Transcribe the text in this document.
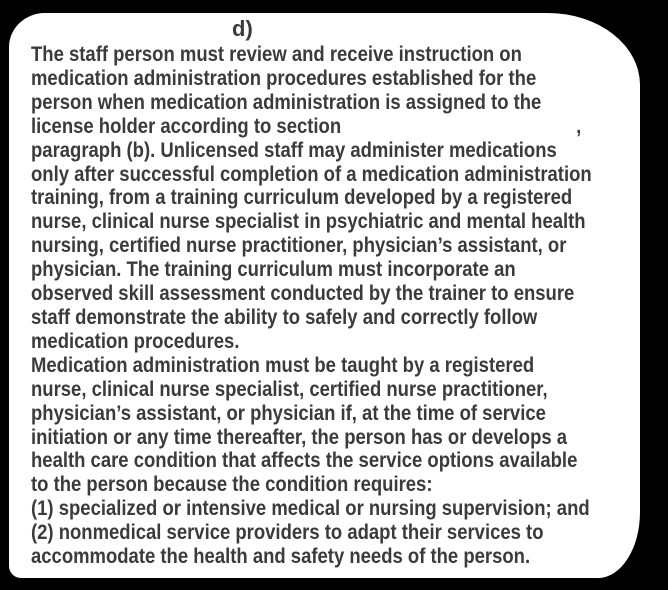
d)
The staff person must review and receive instruction on
medication administration procedures established for the
person when medication administration is assigned to the
license holder according to section	,
paragraph (b). Unlicensed staff may administer medications
only after successful completion of a medication administration
training, from a training curriculum developed by a registered
nurse, clinical nurse specialist in psychiatric and mental health
nursing, certified nurse practitioner, physician’s assistant, or
physician. The training curriculum must incorporate an
observed skill assessment conducted by the trainer to ensure
staff demonstrate the ability to safely and correctly follow
medication procedures.
Medication administration must be taught by a registered
nurse, clinical nurse specialist, certified nurse practitioner,
physician’s assistant, or physician if, at the time of service
initiation or any time thereafter, the person has or develops a
health care condition that affects the service options available
to the person because the condition requires:
(1) specialized or intensive medical or nursing supervision; and
(2) nonmedical service providers to adapt their services to
accommodate the health and safety needs of the person.
